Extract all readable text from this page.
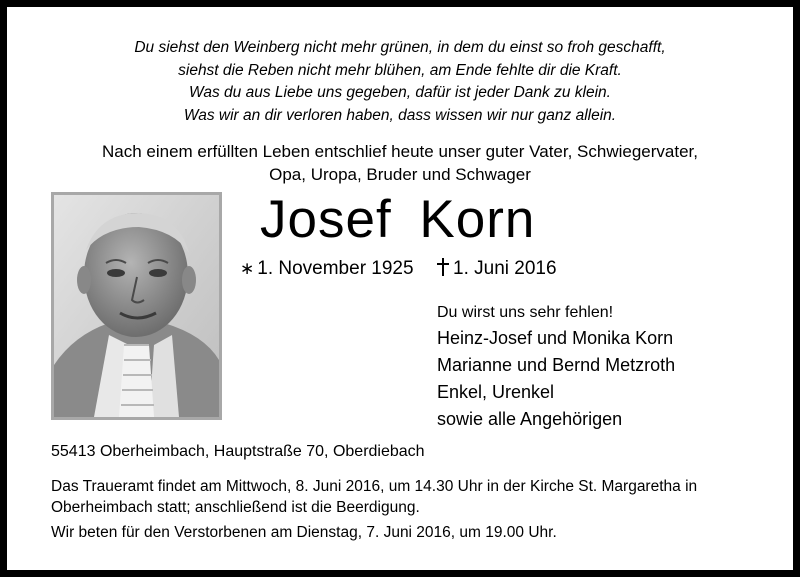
Du siehst den Weinberg nicht mehr grünen, in dem du einst so froh geschafft,
siehst die Reben nicht mehr blühen, am Ende fehlte dir die Kraft.
Was du aus Liebe uns gegeben, dafür ist jeder Dank zu klein.
Was wir an dir verloren haben, dass wissen wir nur ganz allein.
Nach einem erfüllten Leben entschlief heute unser guter Vater, Schwiegervater,
Opa, Uropa, Bruder und Schwager
Josef Korn
∗ 1. November 1925	1. Juni 2016
Du wirst uns sehr fehlen!
Heinz-Josef und Monika Korn
Marianne und Bernd Metzroth
Enkel, Urenkel
sowie alle Angehörigen
55413 Oberheimbach, Hauptstraße 70, Oberdiebach
Das Traueramt findet am Mittwoch, 8. Juni 2016, um 14.30 Uhr in der Kirche St. Margaretha in
Oberheimbach statt; anschließend ist die Beerdigung.
Wir beten für den Verstorbenen am Dienstag, 7. Juni 2016, um 19.00 Uhr.
